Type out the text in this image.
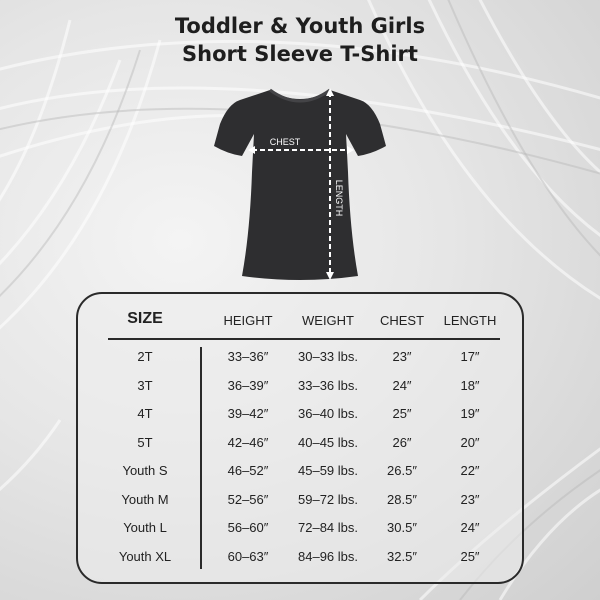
Toddler & Youth Girls
Short Sleeve T-Shirt
CHEST
LENGTH
SIZE	HEIGHT WEIGHT CHEST LENGTH
2T	33–36″ 30–33 lbs.	23″	17″
3T	36–39″ 33–36 lbs.	24″	18″
4T	39–42″ 36–40 lbs.	25″	19″
5T	42–46″ 40–45 lbs.	26″	20″
Youth S	46–52″ 45–59 lbs. 26.5″	22″
Youth M	52–56″ 59–72 lbs. 28.5″	23″
Youth L	56–60″ 72–84 lbs. 30.5″	24″
Youth XL	60–63″ 84–96 lbs. 32.5″	25″
